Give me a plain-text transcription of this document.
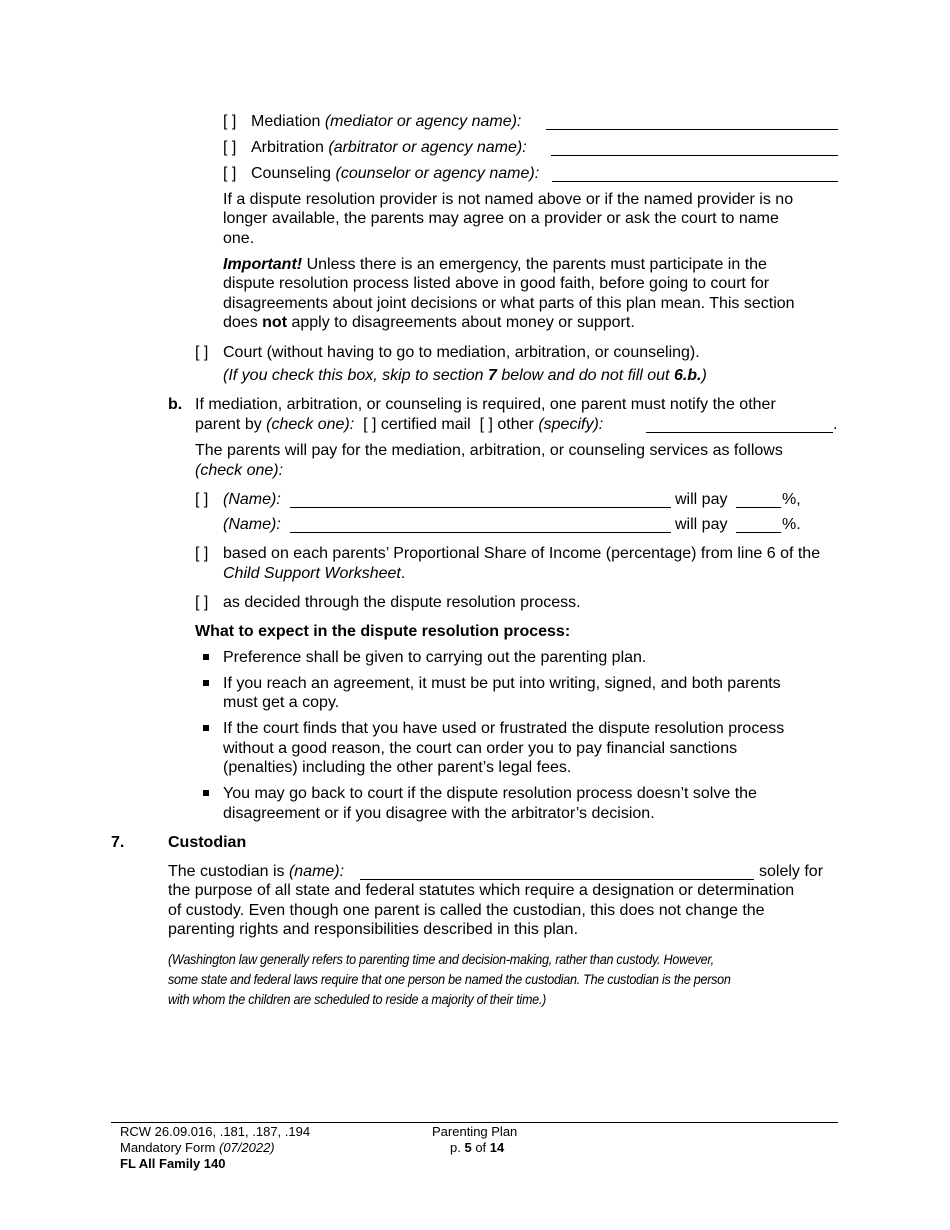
[ ] Mediation (mediator or agency name):
[ ] Arbitration (arbitrator or agency name):
[ ] Counseling (counselor or agency name):
If a dispute resolution provider is not named above or if the named provider is no
longer available, the parents may agree on a provider or ask the court to name
one.
Important! Unless there is an emergency, the parents must participate in the
dispute resolution process listed above in good faith, before going to court for
disagreements about joint decisions or what parts of this plan mean. This section
does not apply to disagreements about money or support.
[ ] Court (without having to go to mediation, arbitration, or counseling).
(If you check this box, skip to section 7 below and do not fill out 6.b.)
b. If mediation, arbitration, or counseling is required, one parent must notify the other
parent by (check one): [ ] certified mail [ ] other (specify):	.
The parents will pay for the mediation, arbitration, or counseling services as follows
(check one):
[ ] (Name):	will pay	%,
(Name):	will pay	%.
[ ] based on each parents’ Proportional Share of Income (percentage) from line 6 of the
Child Support Worksheet.
[ ] as decided through the dispute resolution process.
What to expect in the dispute resolution process:
Preference shall be given to carrying out the parenting plan.
If you reach an agreement, it must be put into writing, signed, and both parents
must get a copy.
If the court finds that you have used or frustrated the dispute resolution process
without a good reason, the court can order you to pay financial sanctions
(penalties) including the other parent’s legal fees.
You may go back to court if the dispute resolution process doesn’t solve the
disagreement or if you disagree with the arbitrator’s decision.
7.	Custodian
The custodian is (name):	solely for
the purpose of all state and federal statutes which require a designation or determination
of custody. Even though one parent is called the custodian, this does not change the
parenting rights and responsibilities described in this plan.
(Washington law generally refers to parenting time and decision-making, rather than custody. However,
some state and federal laws require that one person be named the custodian. The custodian is the person
with whom the children are scheduled to reside a majority of their time.)
RCW 26.09.016, .181, .187, .194
Mandatory Form (07/2022)
FL All Family 140
Parenting Plan
p. 5 of 14
